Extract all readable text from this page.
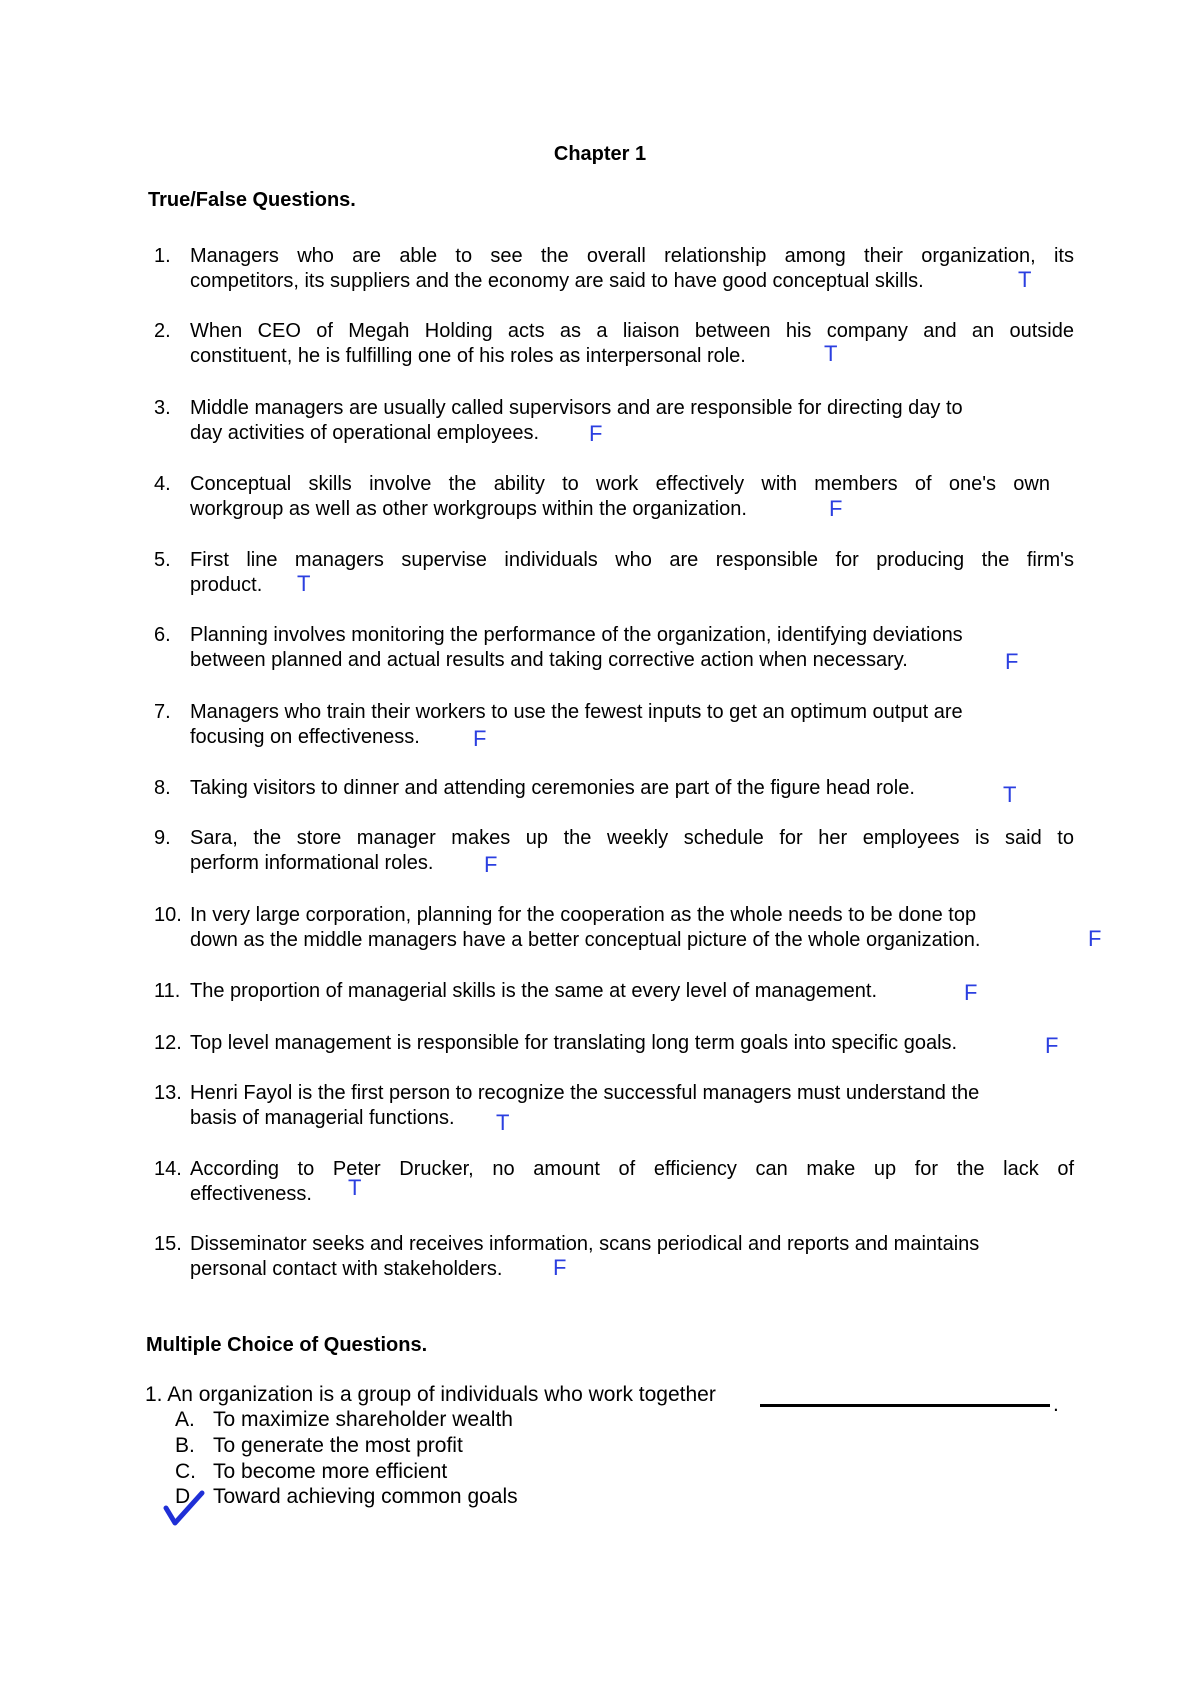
Chapter 1
True/False Questions.
1. Managers who are able to see the overall relationship among their organization, its
competitors, its suppliers and the economy are said to have good conceptual skills.	T
2. When CEO of Megah Holding acts as a liaison between his company and an outside
constituent, he is fulfilling one of his roles as interpersonal role.	T
3. Middle managers are usually called supervisors and are responsible for directing day to
day activities of operational employees. F
4. Conceptual skills involve the ability to work effectively with members of one's own
workgroup as well as other workgroups within the organization.	F
5. First line managers supervise individuals who are responsible for producing the firm's
product. T
6. Planning involves monitoring the performance of the organization, identifying deviations
between planned and actual results and taking corrective action when necessary.	F
7. Managers who train their workers to use the fewest inputs to get an optimum output are
focusing on effectiveness. F
8. Taking visitors to dinner and attending ceremonies are part of the figure head role.	T
9. Sara, the store manager makes up the weekly schedule for her employees is said to
perform informational roles. F
10. In very large corporation, planning for the cooperation as the whole needs to be done top
down as the middle managers have a better conceptual picture of the whole organization.	F
11. The proportion of managerial skills is the same at every level of management.	F
12. Top level management is responsible for translating long term goals into specific goals.	F
13. Henri Fayol is the first person to recognize the successful managers must understand the
basis of managerial functions. T
14. According to Peter Drucker, no amount of efficiency can make up for the lack of
effectiveness. T
15. Disseminator seeks and receives information, scans periodical and reports and maintains
personal contact with stakeholders. F
Multiple Choice of Questions.
1. An organization is a group of individuals who work together	.
A. To maximize shareholder wealth
B. To generate the most profit
C. To become more efficient
D. Toward achieving common goals
